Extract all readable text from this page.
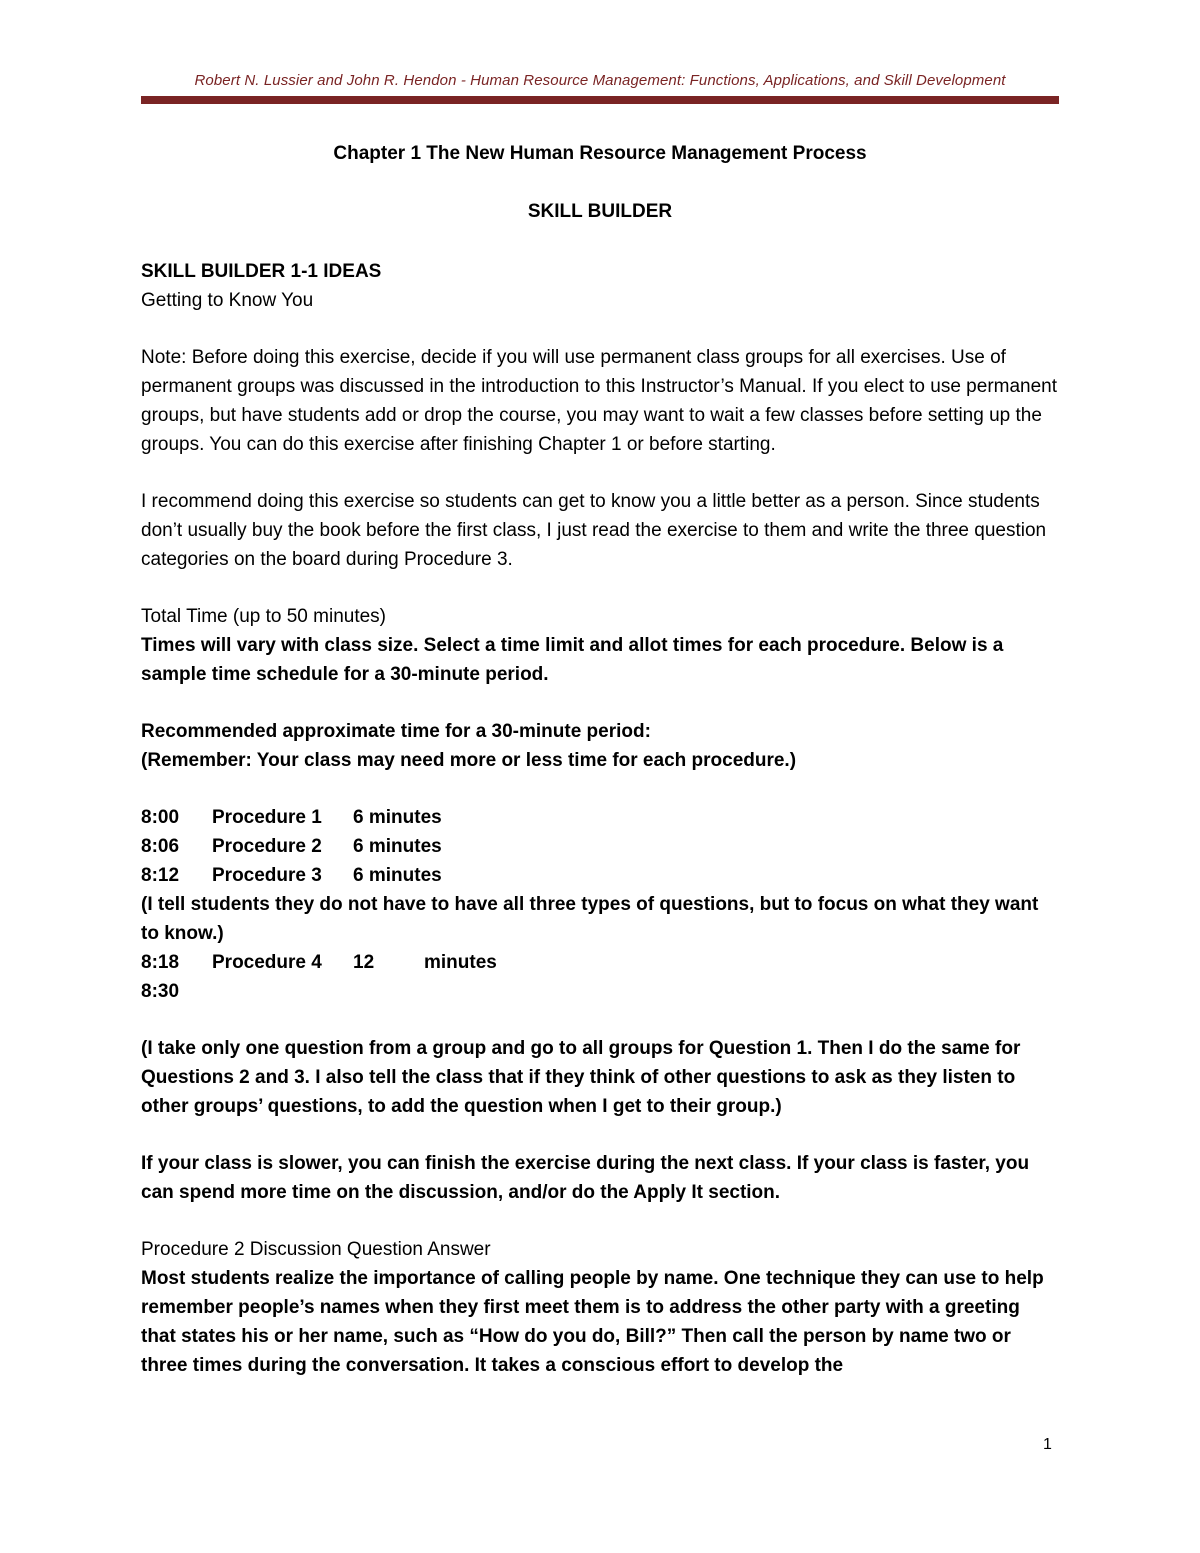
Robert N. Lussier and John R. Hendon - Human Resource Management: Functions, Applications, and Skill Development
Chapter 1 The New Human Resource Management Process
SKILL BUILDER

SKILL BUILDER 1-1 IDEAS
Getting to Know You

Note: Before doing this exercise, decide if you will use permanent class groups for all exercises. Use of permanent groups was discussed in the introduction to this Instructor’s Manual. If you elect to use permanent groups, but have students add or drop the course, you may want to wait a few classes before setting up the groups. You can do this exercise after finishing Chapter 1 or before starting.

I recommend doing this exercise so students can get to know you a little better as a person. Since students don’t usually buy the book before the first class, I just read the exercise to them and write the three question categories on the board during Procedure 3.

Total Time (up to 50 minutes)
Times will vary with class size. Select a time limit and allot times for each procedure. Below is a sample time schedule for a 30-minute period.

Recommended approximate time for a 30-minute period:
(Remember: Your class may need more or less time for each procedure.)

8:00 Procedure 1 6 minutes
8:06 Procedure 2 6 minutes
8:12 Procedure 3 6 minutes
(I tell students they do not have to have all three types of questions, but to focus on what they want to know.)
8:18 Procedure 4 12	minutes
8:30

(I take only one question from a group and go to all groups for Question 1. Then I do the same for Questions 2 and 3. I also tell the class that if they think of other questions to ask as they listen to other groups’ questions, to add the question when I get to their group.)

If your class is slower, you can finish the exercise during the next class. If your class is faster, you can spend more time on the discussion, and/or do the Apply It section.

Procedure 2 Discussion Question Answer
Most students realize the importance of calling people by name. One technique they can use to help remember people’s names when they first meet them is to address the other party with a greeting that states his or her name, such as “How do you do, Bill?” Then call the person by name two or three times during the conversation. It takes a conscious effort to develop the

1
